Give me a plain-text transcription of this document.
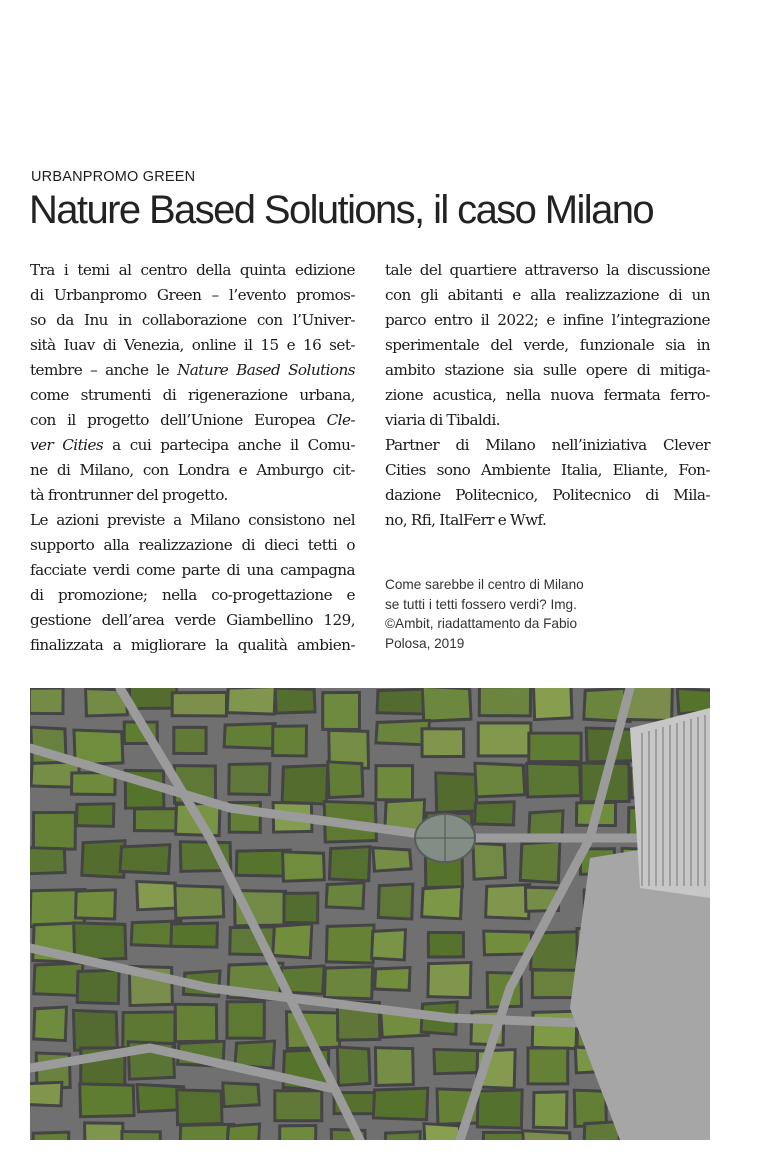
URBANPROMO GREEN
Nature Based Solutions, il caso Milano
Tra i temi al centro della quinta edizione
di Urbanpromo Green – l’evento promos-
so da Inu in collaborazione con l’Univer-
sità Iuav di Venezia, online il 15 e 16 set-
tembre – anche le Nature Based Solutions
come strumenti di rigenerazione urbana,
con il progetto dell’Unione Europea Cle-
ver Cities a cui partecipa anche il Comu-
ne di Milano, con Londra e Amburgo cit-
tà frontrunner del progetto.
Le azioni previste a Milano consistono nel
supporto alla realizzazione di dieci tetti o
facciate verdi come parte di una campagna
di promozione; nella co-progettazione e
gestione dell’area verde Giambellino 129,
finalizzata a migliorare la qualità ambien-
tale del quartiere attraverso la discussione
con gli abitanti e alla realizzazione di un
parco entro il 2022; e infine l’integrazione
sperimentale del verde, funzionale sia in
ambito stazione sia sulle opere di mitiga-
zione acustica, nella nuova fermata ferro-
viaria di Tibaldi.
Partner di Milano nell’iniziativa Clever
Cities sono Ambiente Italia, Eliante, Fon-
dazione Politecnico, Politecnico di Mila-
no, Rfi, ItalFerr e Wwf.
Come sarebbe il centro di Milano
se tutti i tetti fossero verdi? Img.
©Ambit, riadattamento da Fabio
Polosa, 2019
